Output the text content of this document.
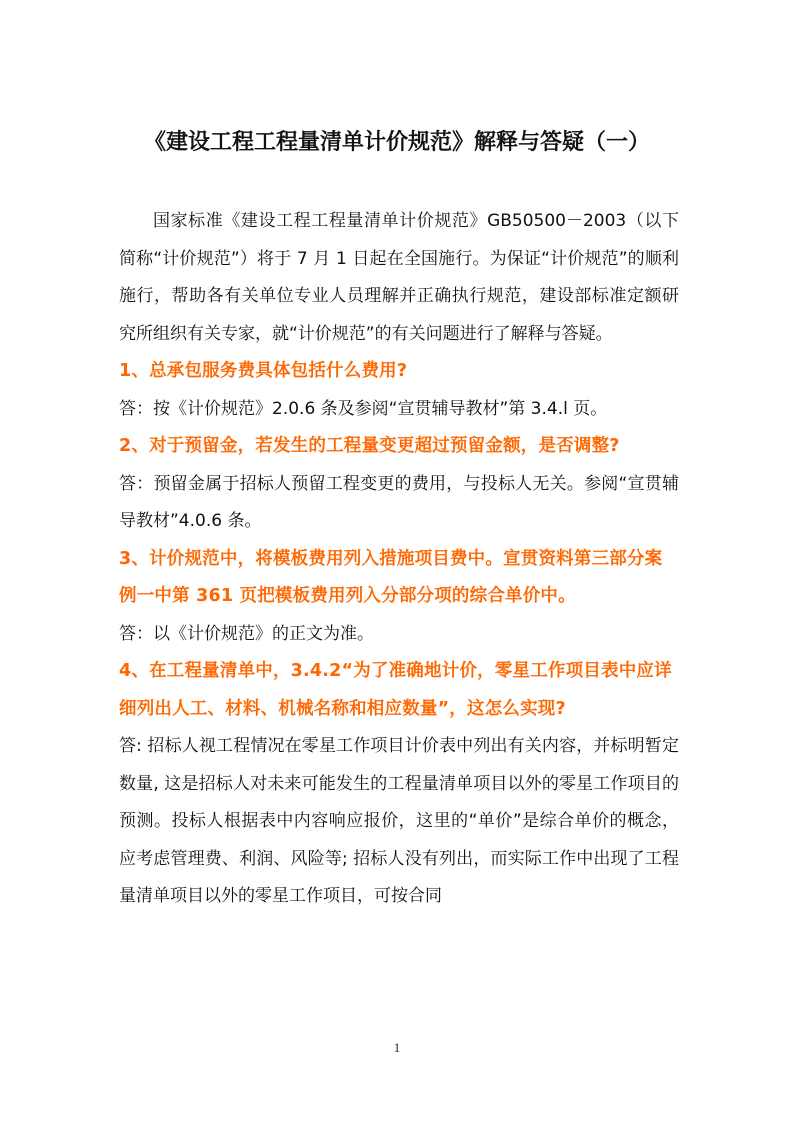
《建设工程工程量清单计价规范》解释与答疑（一）

国家标准《建设工程工程量清单计价规范》GB50500－2003（以下简称“计价规范”）将于 7 月 1 日起在全国施行。为保证“计价规范”的顺利施行，帮助各有关单位专业人员理解并正确执行规范，建设部标准定额研究所组织有关专家，就“计价规范”的有关问题进行了解释与答疑。

1、总承包服务费具体包括什么费用?

答：按《计价规范》2.0.6 条及参阅“宣贯辅导教材”第 3.4.l 页。

2、对于预留金，若发生的工程量变更超过预留金额，是否调整?

答：预留金属于招标人预留工程变更的费用，与投标人无关。参阅“宣贯辅导教材”4.0.6 条。

3、计价规范中，将模板费用列入措施项目费中。宣贯资料第三部分案例一中第 361 页把模板费用列入分部分项的综合单价中。

答：以《计价规范》的正文为准。

4、在工程量清单中，3.4.2“为了准确地计价，零星工作项目表中应详细列出人工、材料、机械名称和相应数量”，这怎么实现?

答: 招标人视工程情况在零星工作项目计价表中列出有关内容，并标明暂定数量, 这是招标人对未来可能发生的工程量清单项目以外的零星工作项目的预测。投标人根据表中内容响应报价，这里的“单价”是综合单价的概念，应考虑管理费、利润、风险等; 招标人没有列出，而实际工作中出现了工程量清单项目以外的零星工作项目，可按合同

1
